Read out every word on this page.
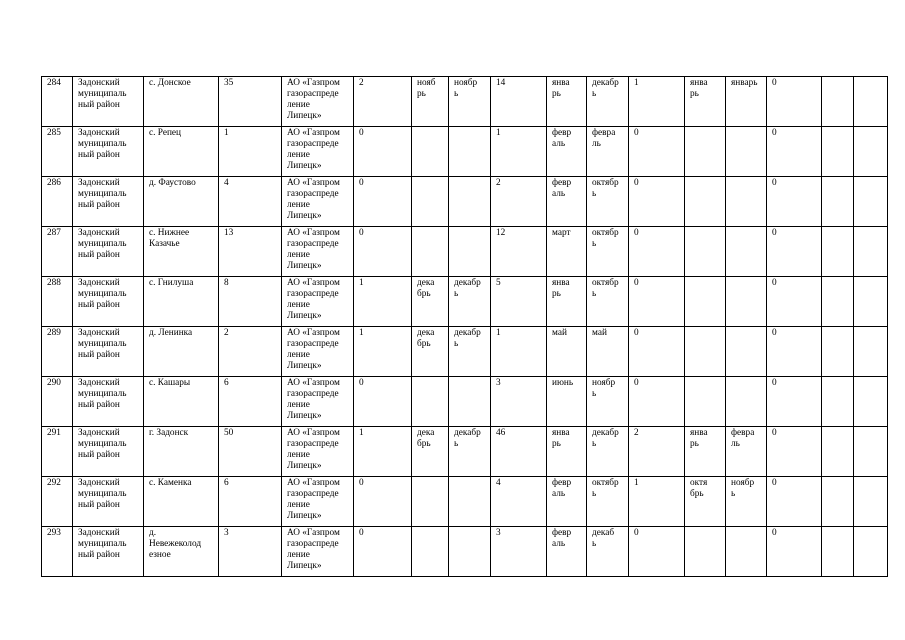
284	Задонский
муниципаль
ный район	с. Донское	35	АО «Газпром
газораспреде
ление
Липецк»	2	нояб
рь	ноябр
ь	14	янва
рь	декабр
ь	1	янва
рь	январь	0		
285	Задонский
муниципаль
ный район	с. Репец	1	АО «Газпром
газораспреде
ление
Липецк»	0			1	февр
аль	февра
ль	0			0		
286	Задонский
муниципаль
ный район	д. Фаустово	4	АО «Газпром
газораспреде
ление
Липецк»	0			2	февр
аль	октябр
ь	0			0		
287	Задонский
муниципаль
ный район	с. Нижнее
Казачье	13	АО «Газпром
газораспреде
ление
Липецк»	0			12	март	октябр
ь	0			0		
288	Задонский
муниципаль
ный район	с. Гнилуша	8	АО «Газпром
газораспреде
ление
Липецк»	1	дека
брь	декабр
ь	5	янва
рь	октябр
ь	0			0		
289	Задонский
муниципаль
ный район	д. Ленинка	2	АО «Газпром
газораспреде
ление
Липецк»	1	дека
брь	декабр
ь	1	май	май	0			0		
290	Задонский
муниципаль
ный район	с. Кашары	6	АО «Газпром
газораспреде
ление
Липецк»	0			3	июнь	ноябр
ь	0			0		
291	Задонский
муниципаль
ный район	г. Задонск	50	АО «Газпром
газораспреде
ление
Липецк»	1	дека
брь	декабр
ь	46	янва
рь	декабр
ь	2	янва
рь	февра
ль	0		
292	Задонский
муниципаль
ный район	с. Каменка	6	АО «Газпром
газораспреде
ление
Липецк»	0			4	февр
аль	октябр
ь	1	октя
брь	ноябр
ь	0		
293	Задонский
муниципаль
ный район	д.
Невежеколод
езное	3	АО «Газпром
газораспреде
ление
Липецк»	0			3	февр
аль	декаб
ь	0			0		
